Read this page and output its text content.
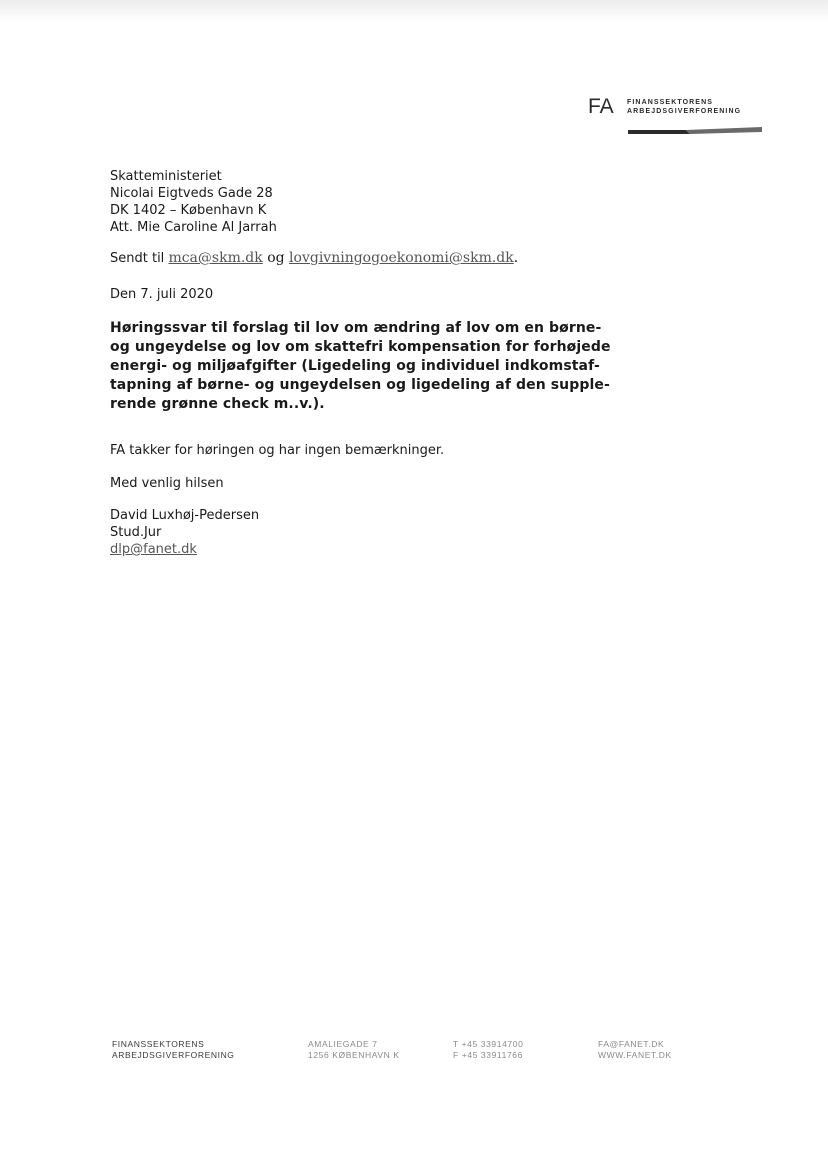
FA FINANSSEKTORENS
ARBEJDSGIVERFORENING
Skatteministeriet
Nicolai Eigtveds Gade 28
DK 1402 – København K
Att. Mie Caroline Al Jarrah
Sendt til mca@skm.dk og lovgivningogoekonomi@skm.dk.
Den 7. juli 2020
Høringssvar til forslag til lov om ændring af lov om en børne-
og ungeydelse og lov om skattefri kompensation for forhøjede
energi- og miljøafgifter (Ligedeling og individuel indkomstaf-
tapning af børne- og ungeydelsen og ligedeling af den supple-
rende grønne check m..v.).
FA takker for høringen og har ingen bemærkninger.
Med venlig hilsen
David Luxhøj-Pedersen
Stud.Jur
dlp@fanet.dk
FINANSSEKTORENS
ARBEJDSGIVERFORENING
AMALIEGADE 7
1256 KØBENHAVN K
T +45 33914700
F +45 33911766
FA@FANET.DK
WWW.FANET.DK
